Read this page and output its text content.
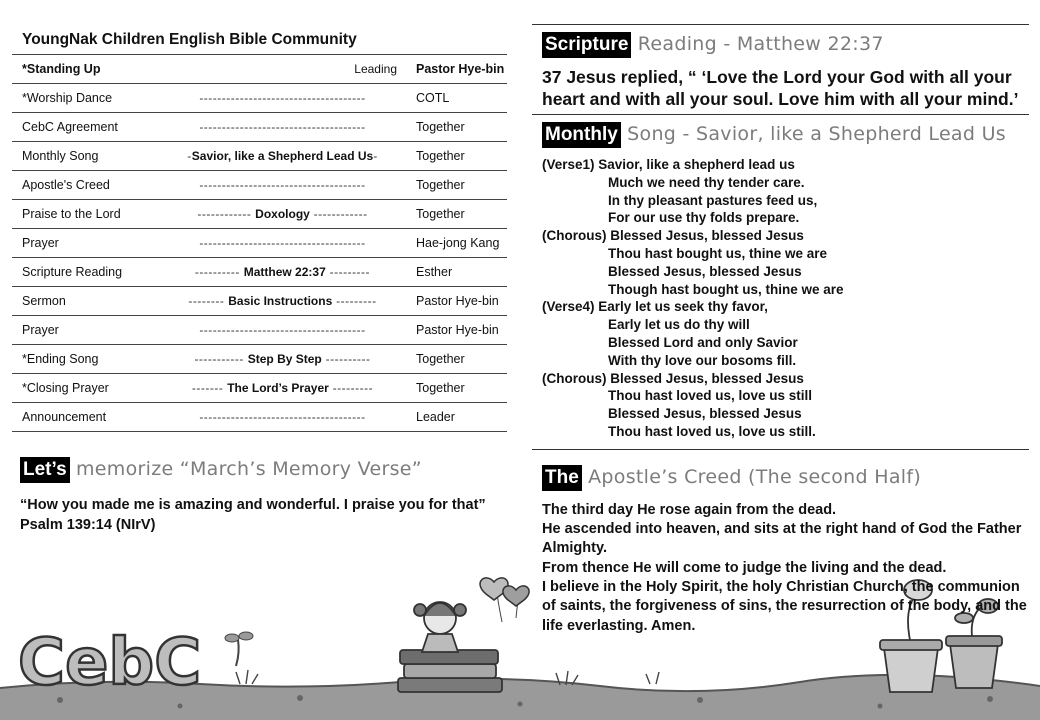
YoungNak Children English Bible Community
*Standing Up	Leading	Pastor Hye-bin
*Worship Dance	-------------------------------------	COTL
CebC Agreement	-------------------------------------	Together
Monthly Song	-Savior, like a Shepherd Lead Us-	Together
Apostle's Creed	-------------------------------------	Together
Praise to the Lord	------------ Doxology ------------	Together
Prayer	-------------------------------------	Hae-jong Kang
Scripture Reading	---------- Matthew 22:37 ---------	Esther
Sermon	-------- Basic Instructions ---------	Pastor Hye-bin
Prayer	-------------------------------------	Pastor Hye-bin
*Ending Song	----------- Step By Step ----------	Together
*Closing Prayer	------- The Lord’s Prayer ---------	Together
Announcement	-------------------------------------	Leader
Let’s memorize “March’s Memory Verse”
“How you made me is amazing and wonderful. I praise you for that” Psalm 139:14 (NIrV)
Scripture Reading - Matthew 22:37
37 Jesus replied, “ ‘Love the Lord your God with all your heart and with all your soul. Love him with all your mind.’
Monthly Song - Savior, like a Shepherd Lead Us
(Verse1) Savior, like a shepherd lead us
Much we need thy tender care.
In thy pleasant pastures feed us,
For our use thy folds prepare.
(Chorous) Blessed Jesus, blessed Jesus
Thou hast bought us, thine we are
Blessed Jesus, blessed Jesus
Though hast bought us, thine we are
(Verse4) Early let us seek thy favor,
Early let us do thy will
Blessed Lord and only Savior
With thy love our bosoms fill.
(Chorous) Blessed Jesus, blessed Jesus
Thou hast loved us, love us still
Blessed Jesus, blessed Jesus
Thou hast loved us, love us still.
The Apostle’s Creed (The second Half)
The third day He rose again from the dead.
He ascended into heaven, and sits at the right hand of God the Father Almighty.
From thence He will come to judge the living and the dead.
I believe in the Holy Spirit, the holy Christian Church, the communion of saints, the forgiveness of sins, the resurrection of the body, and the life everlasting. Amen.
CebC
